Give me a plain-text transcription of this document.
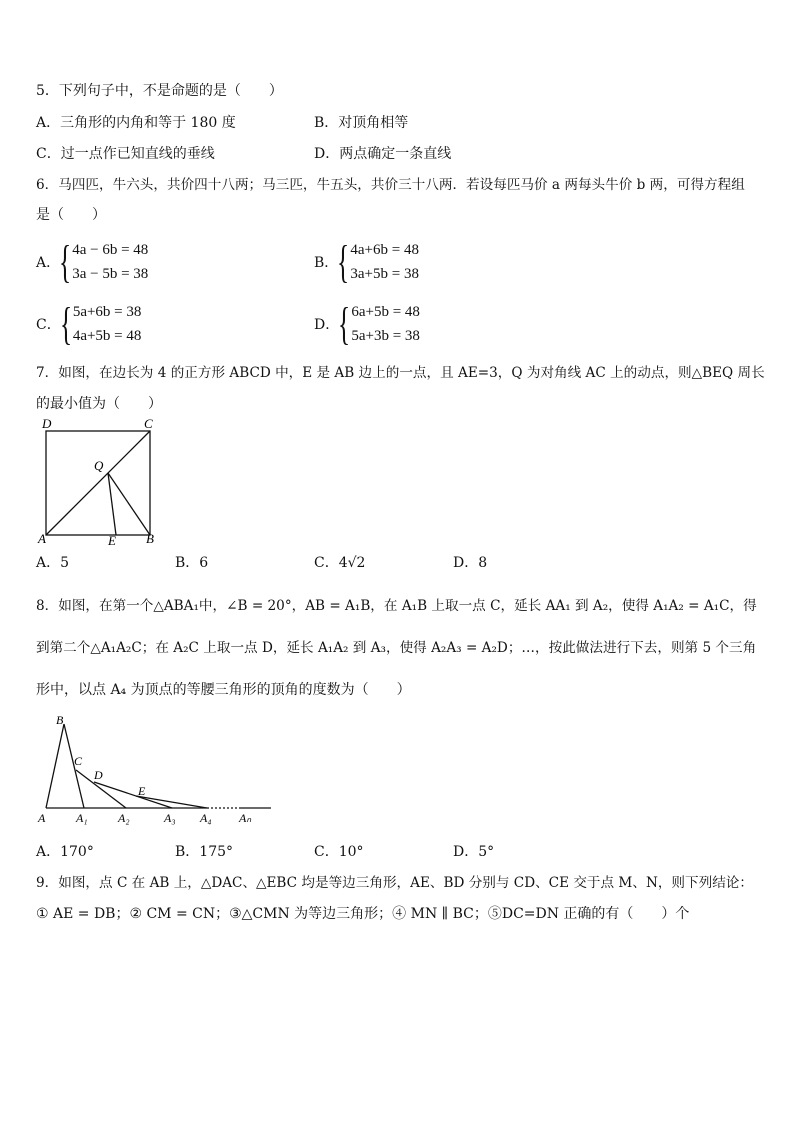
5．下列句子中，不是命题的是（　　）
A．三角形的内角和等于 180 度	B．对顶角相等
C．过一点作已知直线的垂线	D．两点确定一条直线
6．马四匹，牛六头，共价四十八两；马三匹，牛五头，共价三十八两．若设每匹马价 a 两每头牛价 b 两，可得方程组
是（　　）
A．
{ 4a − 6b = 48
3a − 5b = 38
B．
{ 4a+6b = 48
3a+5b = 38
C．
{ 5a+6b = 38
4a+5b = 48
D．
{ 6a+5b = 48
5a+3b = 38
7．如图，在边长为 4 的正方形 ABCD 中，E 是 AB 边上的一点，且 AE=3，Q 为对角线 AC 上的动点，则△BEQ 周长
的最小值为（　　）
D	C
Q
A	E B
A．5	B．6	C．4√2	D．8
8．如图，在第一个△ABA₁中，∠B = 20°，AB = A₁B，在 A₁B 上取一点 C，延长 AA₁ 到 A₂，使得 A₁A₂ = A₁C，得
到第二个△A₁A₂C；在 A₂C 上取一点 D，延长 A₁A₂ 到 A₃，使得 A₂A₃ = A₂D；…，按此做法进行下去，则第 5 个三角
形中，以点 A₄ 为顶点的等腰三角形的顶角的度数为（　　）
B
C
D
E
A	A₁	A₂	A₃ A₄ Aₙ
A．170°	B．175°	C．10°	D．5°
9．如图，点 C 在 AB 上，△DAC、△EBC 均是等边三角形，AE、BD 分别与 CD、CE 交于点 M、N，则下列结论：
① AE = DB；② CM = CN；③△CMN 为等边三角形；④ MN ∥ BC；⑤DC=DN 正确的有（　　）个
